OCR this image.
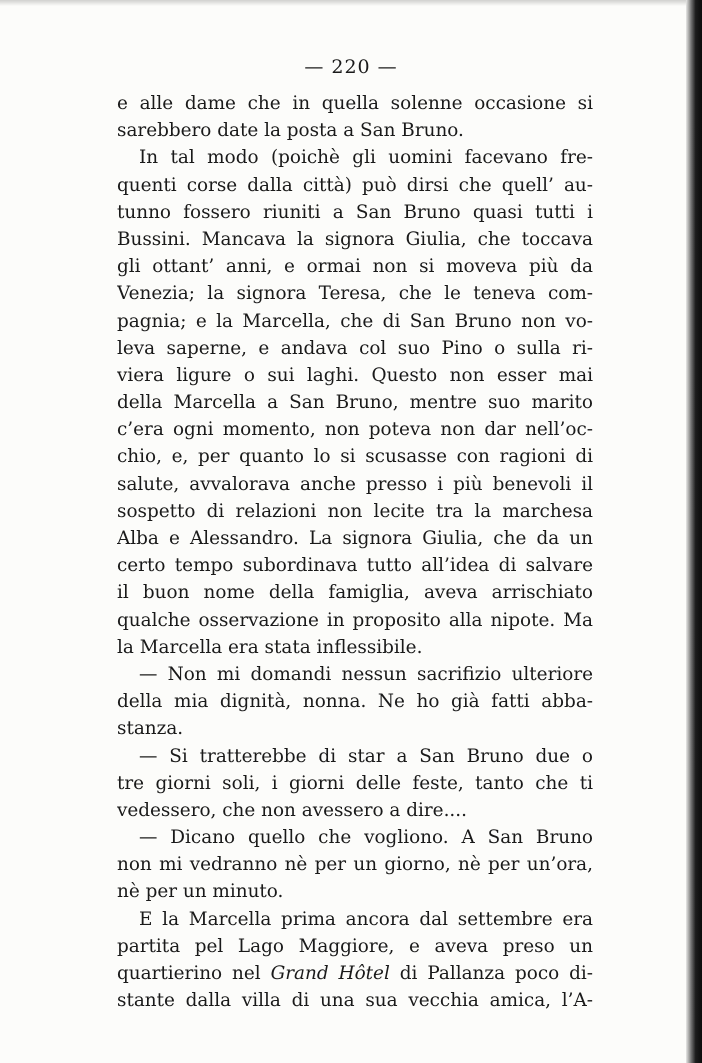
— 220 —
e alle dame che in quella solenne occasione si
sarebbero date la posta a San Bruno.
In tal modo (poichè gli uomini facevano fre-
quenti corse dalla città) può dirsi che quell’ au-
tunno fossero riuniti a San Bruno quasi tutti i
Bussini. Mancava la signora Giulia, che toccava
gli ottant’ anni, e ormai non si moveva più da
Venezia; la signora Teresa, che le teneva com-
pagnia; e la Marcella, che di San Bruno non vo-
leva saperne, e andava col suo Pino o sulla ri-
viera ligure o sui laghi. Questo non esser mai
della Marcella a San Bruno, mentre suo marito
c’era ogni momento, non poteva non dar nell’oc-
chio, e, per quanto lo si scusasse con ragioni di
salute, avvalorava anche presso i più benevoli il
sospetto di relazioni non lecite tra la marchesa
Alba e Alessandro. La signora Giulia, che da un
certo tempo subordinava tutto all’idea di salvare
il buon nome della famiglia, aveva arrischiato
qualche osservazione in proposito alla nipote. Ma
la Marcella era stata inflessibile.
— Non mi domandi nessun sacrifizio ulteriore
della mia dignità, nonna. Ne ho già fatti abba-
stanza.
— Si tratterebbe di star a San Bruno due o
tre giorni soli, i giorni delle feste, tanto che ti
vedessero, che non avessero a dire....
— Dicano quello che vogliono. A San Bruno
non mi vedranno nè per un giorno, nè per un’ora,
nè per un minuto.
E la Marcella prima ancora dal settembre era
partita pel Lago Maggiore, e aveva preso un
quartierino nel Grand Hôtel di Pallanza poco di-
stante dalla villa di una sua vecchia amica, l’A-
